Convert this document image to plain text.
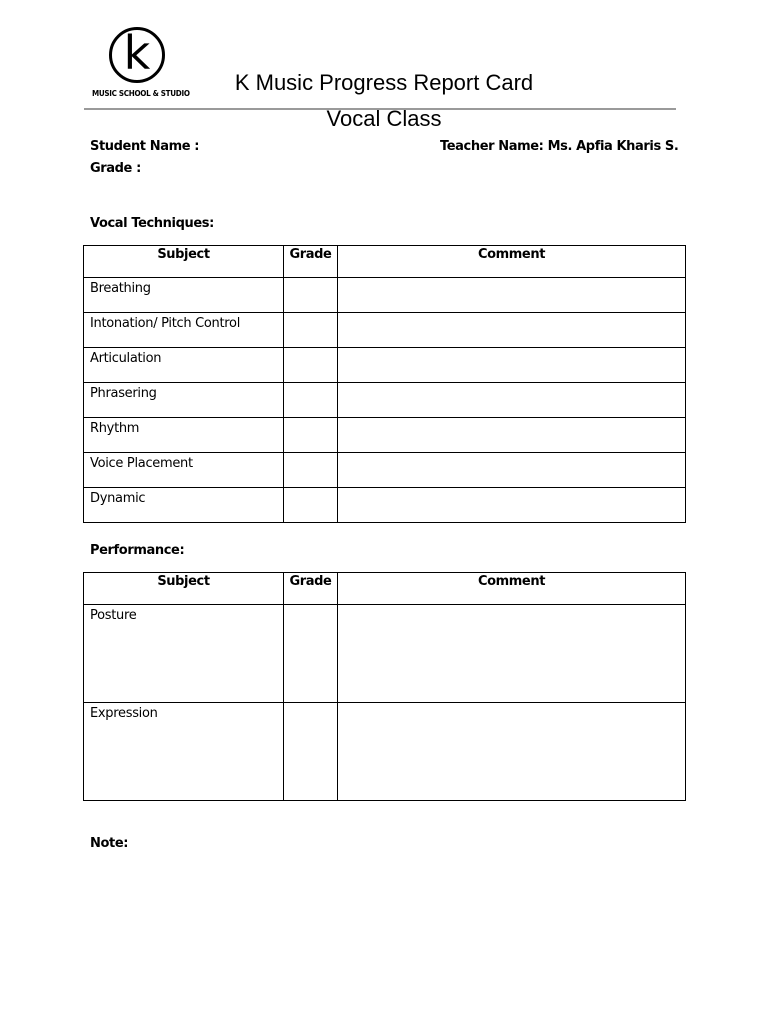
k
MUSIC SCHOOL & STUDIO	K Music Progress Report Card
Vocal Class
Student Name :
Grade :
Teacher Name: Ms. Apfia Kharis S.
Vocal Techniques:
Subject	Grade	Comment
Breathing		
Intonation/ Pitch Control		
Articulation		
Phrasering		
Rhythm		
Voice Placement		
Dynamic		
Performance:
Subject	Grade	Comment
Posture		
Expression		
Note:
